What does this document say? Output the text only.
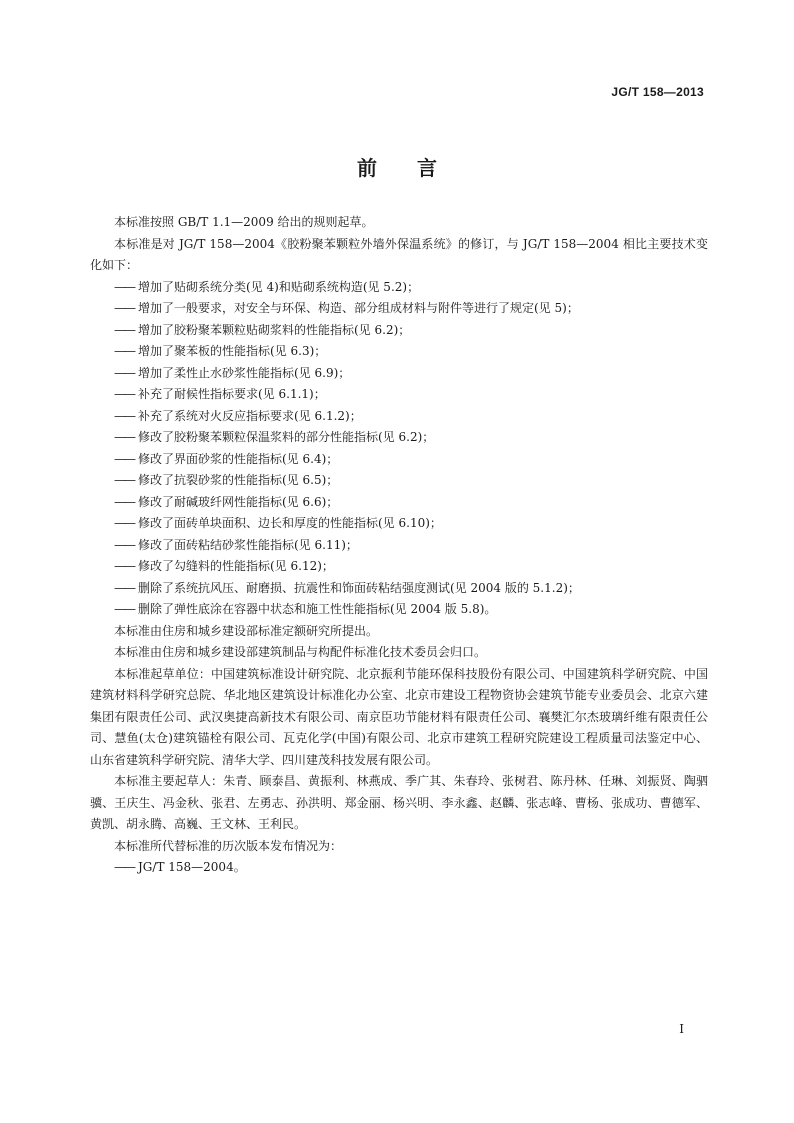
JG/T 158—2013
前言

本标准按照 GB/T 1.1—2009 给出的规则起草。

本标准是对 JG/T 158—2004《胶粉聚苯颗粒外墙外保温系统》的修订，与 JG/T 158—2004 相比主要技术变化如下：

—— 增加了贴砌系统分类(见 4)和贴砌系统构造(见 5.2)；

—— 增加了一般要求，对安全与环保、构造、部分组成材料与附件等进行了规定(见 5)；

—— 增加了胶粉聚苯颗粒贴砌浆料的性能指标(见 6.2)；

—— 增加了聚苯板的性能指标(见 6.3)；

—— 增加了柔性止水砂浆性能指标(见 6.9)；

—— 补充了耐候性指标要求(见 6.1.1)；

—— 补充了系统对火反应指标要求(见 6.1.2)；

—— 修改了胶粉聚苯颗粒保温浆料的部分性能指标(见 6.2)；

—— 修改了界面砂浆的性能指标(见 6.4)；

—— 修改了抗裂砂浆的性能指标(见 6.5)；

—— 修改了耐碱玻纤网性能指标(见 6.6)；

—— 修改了面砖单块面积、边长和厚度的性能指标(见 6.10)；

—— 修改了面砖粘结砂浆性能指标(见 6.11)；

—— 修改了勾缝料的性能指标(见 6.12)；

—— 删除了系统抗风压、耐磨损、抗震性和饰面砖粘结强度测试(见 2004 版的 5.1.2)；

—— 删除了弹性底涂在容器中状态和施工性性能指标(见 2004 版 5.8)。

本标准由住房和城乡建设部标准定额研究所提出。

本标准由住房和城乡建设部建筑制品与构配件标准化技术委员会归口。

本标准起草单位：中国建筑标准设计研究院、北京振利节能环保科技股份有限公司、中国建筑科学研究院、中国建筑材料科学研究总院、华北地区建筑设计标准化办公室、北京市建设工程物资协会建筑节能专业委员会、北京六建集团有限责任公司、武汉奥捷高新技术有限公司、南京臣功节能材料有限责任公司、襄樊汇尔杰玻璃纤维有限责任公司、慧鱼(太仓)建筑锚栓有限公司、瓦克化学(中国)有限公司、北京市建筑工程研究院建设工程质量司法鉴定中心、山东省建筑科学研究院、清华大学、四川建茂科技发展有限公司。

本标准主要起草人：朱青、顾泰昌、黄振利、林燕成、季广其、朱春玲、张树君、陈丹林、任琳、刘振贤、陶驷骥、王庆生、冯金秋、张君、左勇志、孙洪明、郑金丽、杨兴明、李永鑫、赵麟、张志峰、曹杨、张成功、曹德军、黄凯、胡永腾、高巍、王文林、王利民。

本标准所代替标准的历次版本发布情况为：

—— JG/T 158—2004。

I
